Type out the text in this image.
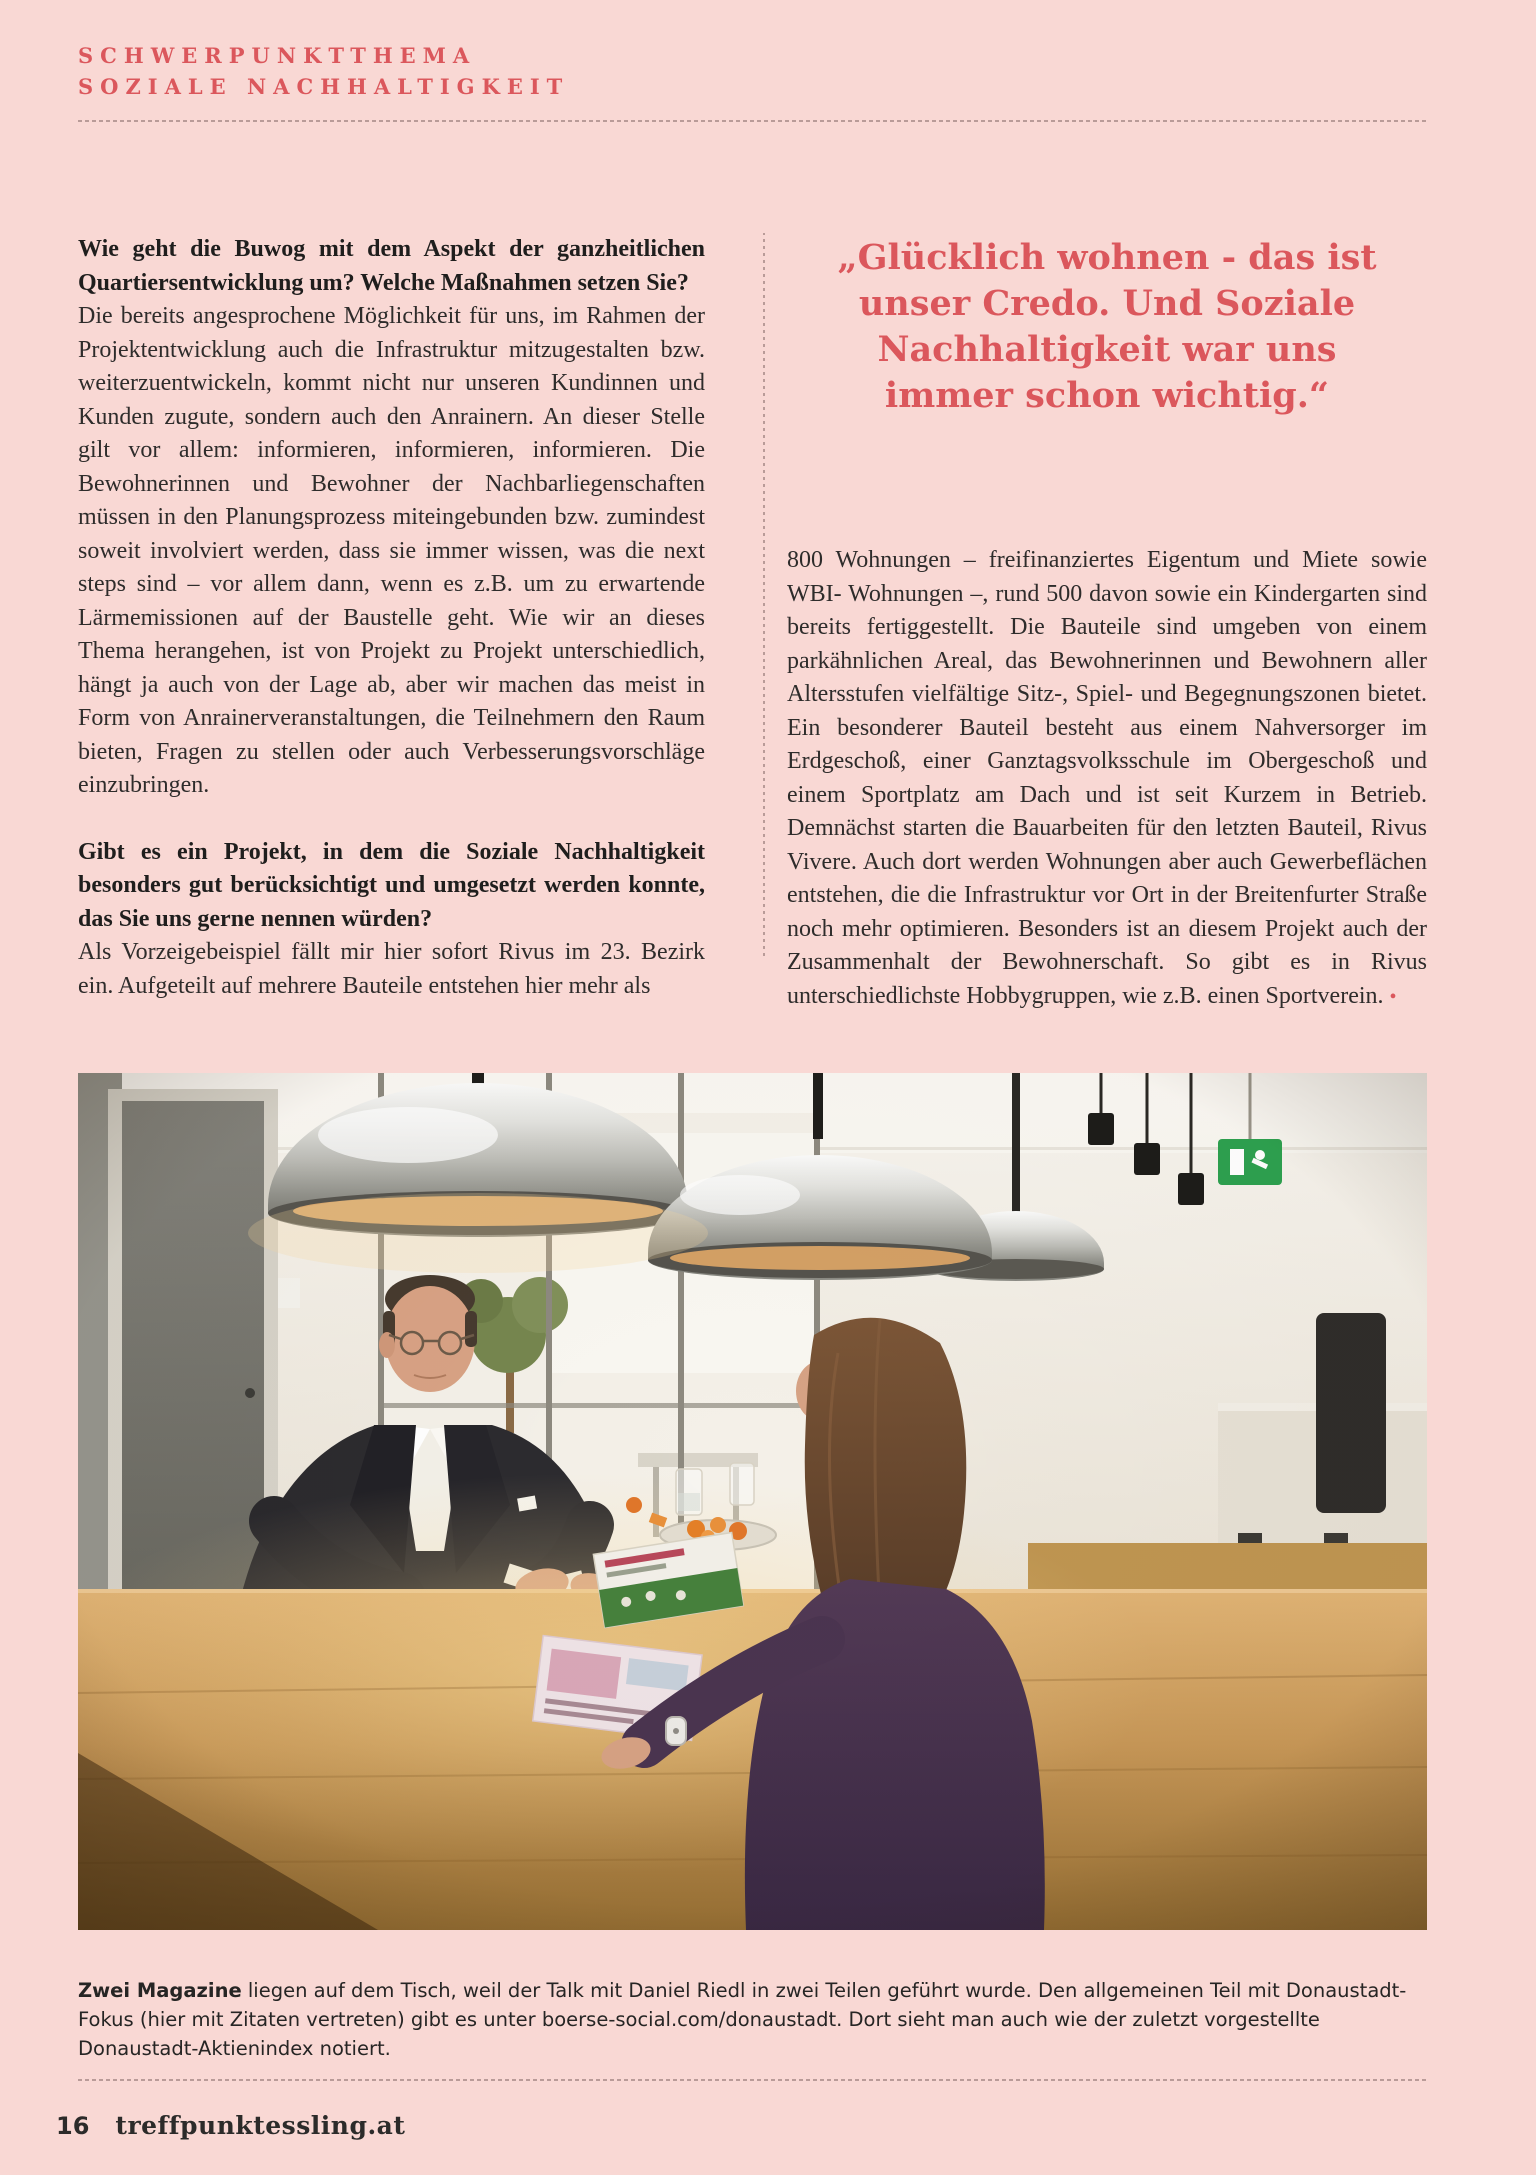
SCHWERPUNKTTHEMA
SOZIALE NACHHALTIGKEIT

Wie geht die Buwog mit dem Aspekt der ganzheitlichen Quartiersentwicklung um? Welche Maßnahmen setzen Sie?

Die bereits angesprochene Möglichkeit für uns, im Rahmen der Projektentwicklung auch die Infrastruktur mitzugestalten bzw. weiterzuentwickeln, kommt nicht nur unseren Kundinnen und Kunden zugute, sondern auch den Anrainern. An dieser Stelle gilt vor allem: informieren, informieren, informieren. Die Bewohnerinnen und Bewohner der Nachbarliegenschaften müssen in den Planungsprozess miteingebunden bzw. zumindest soweit involviert werden, dass sie immer wissen, was die next steps sind – vor allem dann, wenn es z.B. um zu erwartende Lärmemissionen auf der Baustelle geht. Wie wir an dieses Thema herangehen, ist von Projekt zu Projekt unterschiedlich, hängt ja auch von der Lage ab, aber wir machen das meist in Form von Anrainerveranstaltungen, die Teilnehmern den Raum bieten, Fragen zu stellen oder auch Verbesserungsvorschläge einzubringen.

Gibt es ein Projekt, in dem die Soziale Nachhaltigkeit besonders gut berücksichtigt und umgesetzt werden konnte, das Sie uns gerne nennen würden?

Als Vorzeigebeispiel fällt mir hier sofort Rivus im 23. Bezirk ein. Aufgeteilt auf mehrere Bauteile entstehen hier mehr als

„Glücklich wohnen - das ist
unser Credo. Und Soziale
Nachhaltigkeit war uns
immer schon wichtig.“

800 Wohnungen – freifinanziertes Eigentum und Miete sowie WBI- Wohnungen –, rund 500 davon sowie ein Kindergarten sind bereits fertiggestellt. Die Bauteile sind umgeben von einem parkähnlichen Areal, das Bewohnerinnen und Bewohnern aller Altersstufen vielfältige Sitz-, Spiel- und Begegnungszonen bietet. Ein besonderer Bauteil besteht aus einem Nahversorger im Erdgeschoß, einer Ganztagsvolksschule im Obergeschoß und einem Sportplatz am Dach und ist seit Kurzem in Betrieb. Demnächst starten die Bauarbeiten für den letzten Bauteil, Rivus Vivere. Auch dort werden Wohnungen aber auch Gewerbeflächen entstehen, die die Infrastruktur vor Ort in der Breitenfurter Straße noch mehr optimieren. Besonders ist an diesem Projekt auch der Zusammenhalt der Bewohnerschaft. So gibt es in Rivus unterschiedlichste Hobbygruppen, wie z.B. einen Sportverein. •

Zwei Magazine liegen auf dem Tisch, weil der Talk mit Daniel Riedl in zwei Teilen geführt wurde. Den allgemeinen Teil mit Donaustadt-Fokus (hier mit Zitaten vertreten) gibt es unter boerse-social.com/donaustadt. Dort sieht man auch wie der zuletzt vorgestellte Donaustadt-Aktienindex notiert.

16 treffpunktessling.at
